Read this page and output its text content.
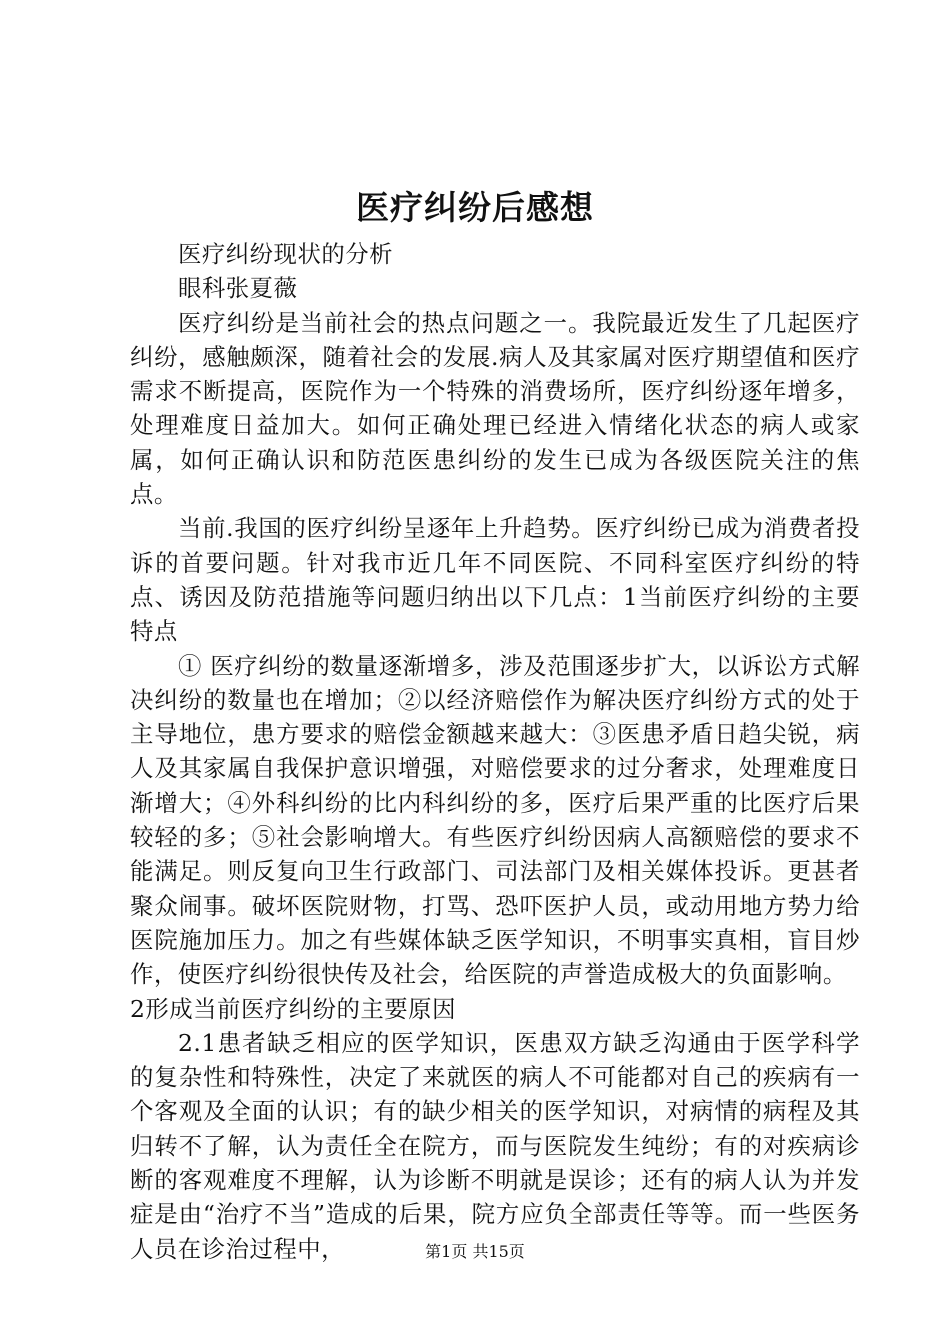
医疗纠纷后感想

医疗纠纷现状的分析

眼科张夏薇

医疗纠纷是当前社会的热点问题之一。我院最近发生了几起医疗纠纷，感触颇深，随着社会的发展.病人及其家属对医疗期望值和医疗需求不断提高，医院作为一个特殊的消费场所，医疗纠纷逐年增多，处理难度日益加大。如何正确处理已经进入情绪化状态的病人或家属，如何正确认识和防范医患纠纷的发生已成为各级医院关注的焦点。

当前.我国的医疗纠纷呈逐年上升趋势。医疗纠纷已成为消费者投诉的首要问题。针对我市近几年不同医院、不同科室医疗纠纷的特点、诱因及防范措施等问题归纳出以下几点：1当前医疗纠纷的主要特点

① 医疗纠纷的数量逐渐增多，涉及范围逐步扩大，以诉讼方式解决纠纷的数量也在增加；②以经济赔偿作为解决医疗纠纷方式的处于主导地位，患方要求的赔偿金额越来越大：③医患矛盾日趋尖锐，病人及其家属自我保护意识增强，对赔偿要求的过分奢求，处理难度日渐增大；④外科纠纷的比内科纠纷的多，医疗后果严重的比医疗后果较轻的多；⑤社会影响增大。有些医疗纠纷因病人高额赔偿的要求不能满足。则反复向卫生行政部门、司法部门及相关媒体投诉。更甚者聚众闹事。破坏医院财物，打骂、恐吓医护人员，或动用地方势力给医院施加压力。加之有些媒体缺乏医学知识，不明事实真相，盲目炒作，使医疗纠纷很快传及社会，给医院的声誉造成极大的负面影响。

2形成当前医疗纠纷的主要原因

2.1患者缺乏相应的医学知识，医患双方缺乏沟通由于医学科学的复杂性和特殊性，决定了来就医的病人不可能都对自己的疾病有一个客观及全面的认识；有的缺少相关的医学知识，对病情的病程及其归转不了解，认为责任全在院方，而与医院发生纯纷；有的对疾病诊断的客观难度不理解，认为诊断不明就是误诊；还有的病人认为并发症是由“治疗不当”造成的后果，院方应负全部责任等等。而一些医务人员在诊治过程中，	第1页 共15页
